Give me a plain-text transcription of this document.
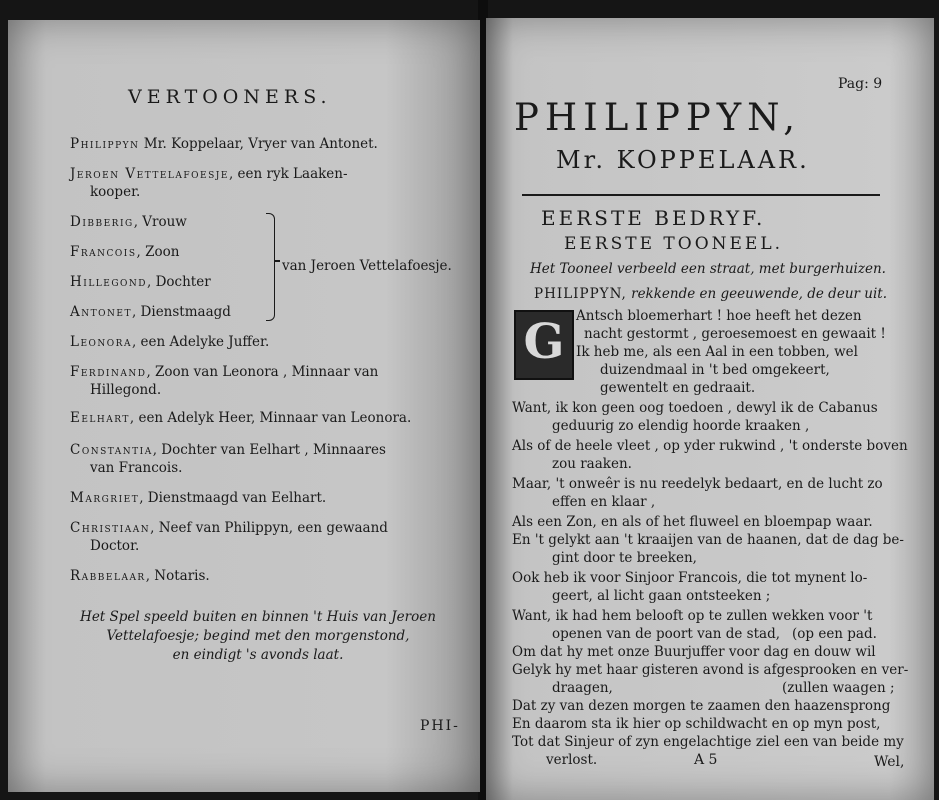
VERTOONERS.
Philippyn Mr. Koppelaar, Vryer van Antonet.
Jeroen Vettelafoesje, een ryk Laaken-
kooper.
Dibberig, Vrouw
Francois, Zoon
Hillegond, Dochter
Antonet, Dienstmaagd
van Jeroen Vettelafoesje.
Leonora, een Adelyke Juffer.
Ferdinand, Zoon van Leonora , Minnaar van
Hillegond.
Eelhart, een Adelyk Heer, Minnaar van Leonora.
Constantia, Dochter van Eelhart , Minnaares
van Francois.
Margriet, Dienstmaagd van Eelhart.
Christiaan, Neef van Philippyn, een gewaand
Doctor.
Rabbelaar, Notaris.
Het Spel speeld buiten en binnen 't Huis van Jeroen
Vettelafoesje; begind met den morgenstond,
en eindigt 's avonds laat.
PHI-
Pag: 9
PHILIPPYN,
Mr. KOPPELAAR.
EERSTE BEDRYF.
EERSTE TOONEEL.
Het Tooneel verbeeld een straat, met burgerhuizen.
PHILIPPYN, rekkende en geeuwende, de deur uit.
G Antsch bloemerhart ! hoe heeft het dezen
nacht gestormt , geroesemoest en gewaait !
Ik heb me, als een Aal in een tobben, wel
duizendmaal in 't bed omgekeert,
gewentelt en gedraait.
Want, ik kon geen oog toedoen , dewyl ik de Cabanus
geduurig zo elendig hoorde kraaken ,
Als of de heele vleet , op yder rukwind , 't onderste boven
zou raaken.
Maar, 't onweêr is nu reedelyk bedaart, en de lucht zo
effen en klaar ,
Als een Zon, en als of het fluweel en bloempap waar.
En 't gelykt aan 't kraaijen van de haanen, dat de dag be-
gint door te breeken,
Ook heb ik voor Sinjoor Francois, die tot mynent lo-
geert, al licht gaan ontsteeken ;
Want, ik had hem belooft op te zullen wekken voor 't
openen van de poort van de stad, (op een pad.
Om dat hy met onze Buurjuffer voor dag en douw wil
Gelyk hy met haar gisteren avond is afgesprooken en ver-
draagen,	(zullen waagen ;
Dat zy van dezen morgen te zaamen den haazensprong
En daarom sta ik hier op schildwacht en op myn post,
Tot dat Sinjeur of zyn engelachtige ziel een van beide my
verlost.	A 5	Wel,
